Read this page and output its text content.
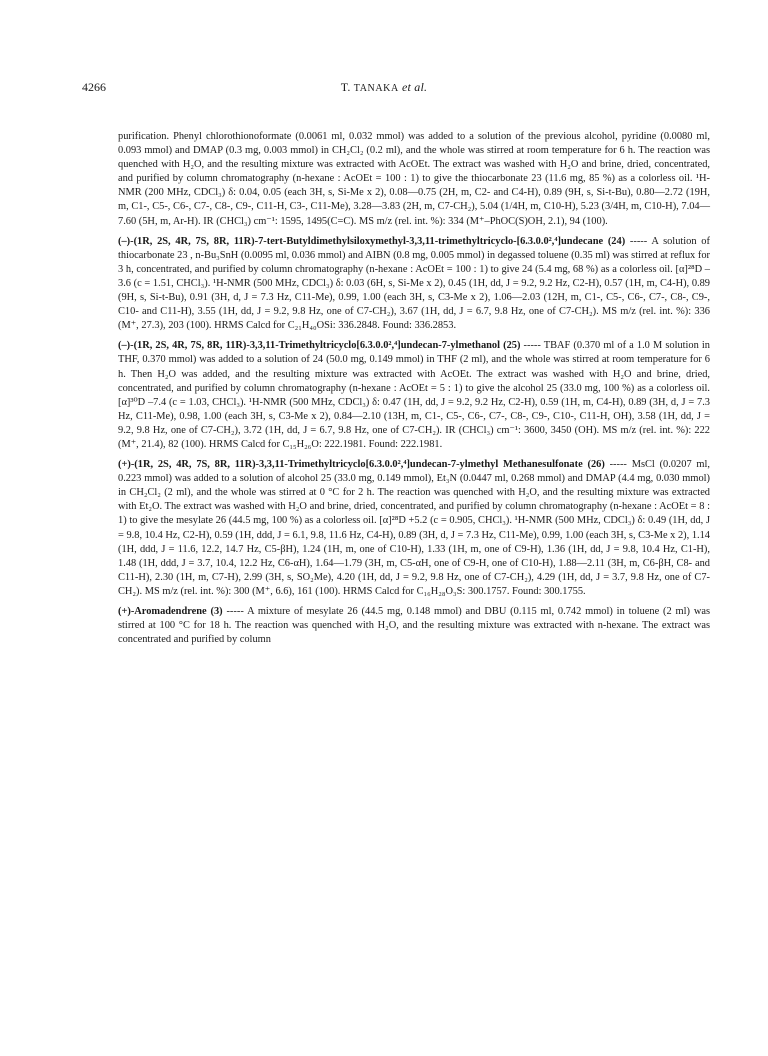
4266	T. TANAKA et al.

purification. Phenyl chlorothionoformate (0.0061 ml, 0.032 mmol) was added to a solution of the previous alcohol, pyridine (0.0080 ml, 0.093 mmol) and DMAP (0.3 mg, 0.003 mmol) in CH₂Cl₂ (0.2 ml), and the whole was stirred at room temperature for 6 h. The reaction was quenched with H₂O, and the resulting mixture was extracted with AcOEt. The extract was washed with H₂O and brine, dried, concentrated, and purified by column chromatography (n-hexane : AcOEt = 100 : 1) to give the thiocarbonate 23 (11.6 mg, 85 %) as a colorless oil. ¹H-NMR (200 MHz, CDCl₃) δ: 0.04, 0.05 (each 3H, s, Si-Me x 2), 0.08—0.75 (2H, m, C2- and C4-H), 0.89 (9H, s, Si-t-Bu), 0.80—2.72 (19H, m, C1-, C5-, C6-, C7-, C8-, C9-, C11-H, C3-, C11-Me), 3.28—3.83 (2H, m, C7-CH₂), 5.04 (1/4H, m, C10-H), 5.23 (3/4H, m, C10-H), 7.04—7.60 (5H, m, Ar-H). IR (CHCl₃) cm⁻¹: 1595, 1495(C=C). MS m/z (rel. int. %): 334 (M⁺–PhOC(S)OH, 2.1), 94 (100).

(–)-(1R, 2S, 4R, 7S, 8R, 11R)-7-tert-Butyldimethylsiloxymethyl-3,3,11-trimethyltricyclo-[6.3.0.0²,⁴]undecane (24) ----- A solution of thiocarbonate 23 , n-Bu₃SnH (0.0095 ml, 0.036 mmol) and AIBN (0.8 mg, 0.005 mmol) in degassed toluene (0.35 ml) was stirred at reflux for 3 h, concentrated, and purified by column chromatography (n-hexane : AcOEt = 100 : 1) to give 24 (5.4 mg, 68 %) as a colorless oil. [α]²⁸D –3.6 (c = 1.51, CHCl₃). ¹H-NMR (500 MHz, CDCl₃) δ: 0.03 (6H, s, Si-Me x 2), 0.45 (1H, dd, J = 9.2, 9.2 Hz, C2-H), 0.57 (1H, m, C4-H), 0.89 (9H, s, Si-t-Bu), 0.91 (3H, d, J = 7.3 Hz, C11-Me), 0.99, 1.00 (each 3H, s, C3-Me x 2), 1.06—2.03 (12H, m, C1-, C5-, C6-, C7-, C8-, C9-, C10- and C11-H), 3.55 (1H, dd, J = 9.2, 9.8 Hz, one of C7-CH₂), 3.67 (1H, dd, J = 6.7, 9.8 Hz, one of C7-CH₂). MS m/z (rel. int. %): 336 (M⁺, 27.3), 203 (100). HRMS Calcd for C₂₁H₄₀OSi: 336.2848. Found: 336.2853.

(–)-(1R, 2S, 4R, 7S, 8R, 11R)-3,3,11-Trimethyltricyclo[6.3.0.0²,⁴]undecan-7-ylmethanol (25) ----- TBAF (0.370 ml of a 1.0 M solution in THF, 0.370 mmol) was added to a solution of 24 (50.0 mg, 0.149 mmol) in THF (2 ml), and the whole was stirred at room temperature for 6 h. Then H₂O was added, and the resulting mixture was extracted with AcOEt. The extract was washed with H₂O and brine, dried, concentrated, and purified by column chromatography (n-hexane : AcOEt = 5 : 1) to give the alcohol 25 (33.0 mg, 100 %) as a colorless oil. [α]³⁰D –7.4 (c = 1.03, CHCl₃). ¹H-NMR (500 MHz, CDCl₃) δ: 0.47 (1H, dd, J = 9.2, 9.2 Hz, C2-H), 0.59 (1H, m, C4-H), 0.89 (3H, d, J = 7.3 Hz, C11-Me), 0.98, 1.00 (each 3H, s, C3-Me x 2), 0.84—2.10 (13H, m, C1-, C5-, C6-, C7-, C8-, C9-, C10-, C11-H, OH), 3.58 (1H, dd, J = 9.2, 9.8 Hz, one of C7-CH₂), 3.72 (1H, dd, J = 6.7, 9.8 Hz, one of C7-CH₂). IR (CHCl₃) cm⁻¹: 3600, 3450 (OH). MS m/z (rel. int. %): 222 (M⁺, 21.4), 82 (100). HRMS Calcd for C₁₅H₂₆O: 222.1981. Found: 222.1981.

(+)-(1R, 2S, 4R, 7S, 8R, 11R)-3,3,11-Trimethyltricyclo[6.3.0.0²,⁴]undecan-7-ylmethyl Methanesulfonate (26) ----- MsCl (0.0207 ml, 0.223 mmol) was added to a solution of alcohol 25 (33.0 mg, 0.149 mmol), Et₃N (0.0447 ml, 0.268 mmol) and DMAP (4.4 mg, 0.030 mmol) in CH₂Cl₂ (2 ml), and the whole was stirred at 0 °C for 2 h. The reaction was quenched with H₂O, and the resulting mixture was extracted with Et₂O. The extract was washed with H₂O and brine, dried, concentrated, and purified by column chromatography (n-hexane : AcOEt = 8 : 1) to give the mesylate 26 (44.5 mg, 100 %) as a colorless oil. [α]²⁸D +5.2 (c = 0.905, CHCl₃). ¹H-NMR (500 MHz, CDCl₃) δ: 0.49 (1H, dd, J = 9.8, 10.4 Hz, C2-H), 0.59 (1H, ddd, J = 6.1, 9.8, 11.6 Hz, C4-H), 0.89 (3H, d, J = 7.3 Hz, C11-Me), 0.99, 1.00 (each 3H, s, C3-Me x 2), 1.14 (1H, ddd, J = 11.6, 12.2, 14.7 Hz, C5-βH), 1.24 (1H, m, one of C10-H), 1.33 (1H, m, one of C9-H), 1.36 (1H, dd, J = 9.8, 10.4 Hz, C1-H), 1.48 (1H, ddd, J = 3.7, 10.4, 12.2 Hz, C6-αH), 1.64—1.79 (3H, m, C5-αH, one of C9-H, one of C10-H), 1.88—2.11 (3H, m, C6-βH, C8- and C11-H), 2.30 (1H, m, C7-H), 2.99 (3H, s, SO₂Me), 4.20 (1H, dd, J = 9.2, 9.8 Hz, one of C7-CH₂), 4.29 (1H, dd, J = 3.7, 9.8 Hz, one of C7-CH₂). MS m/z (rel. int. %): 300 (M⁺, 6.6), 161 (100). HRMS Calcd for C₁₆H₂₈O₃S: 300.1757. Found: 300.1755.

(+)-Aromadendrene (3) ----- A mixture of mesylate 26 (44.5 mg, 0.148 mmol) and DBU (0.115 ml, 0.742 mmol) in toluene (2 ml) was stirred at 100 °C for 18 h. The reaction was quenched with H₂O, and the resulting mixture was extracted with n-hexane. The extract was concentrated and purified by column
